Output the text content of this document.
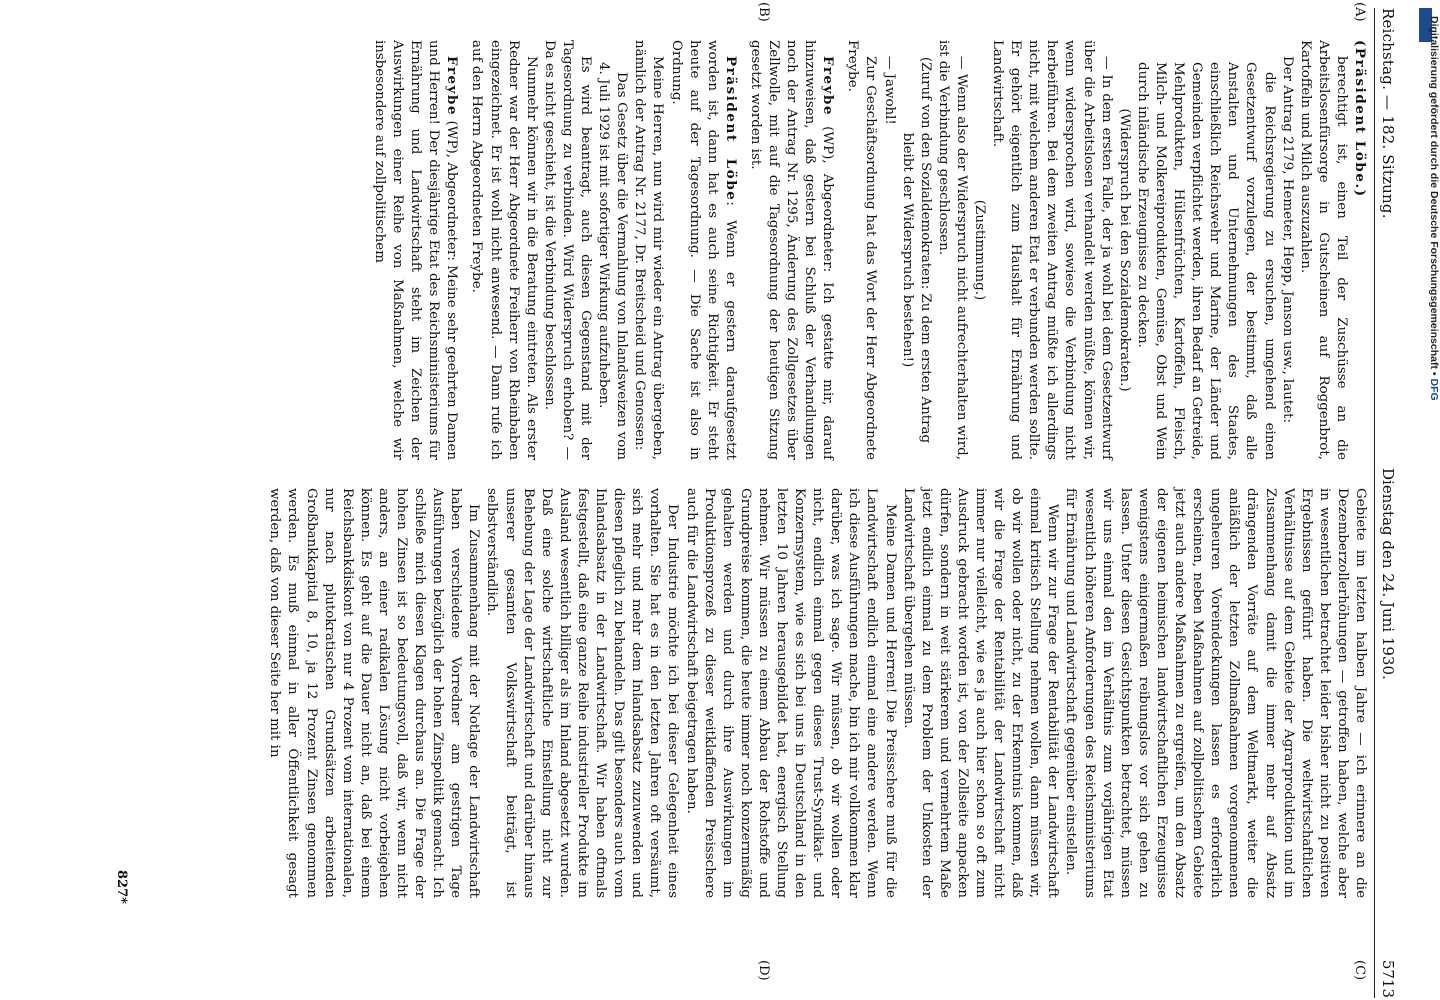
Reichstag. — 182. Sitzung.
Dienstag den 24. Juni 1930.
5713
(A)
(B)
(C)
(D)

(Präsident Löbe.)

berechtigt ist, einen Teil der Zuschüsse an die Arbeitslosenfürsorge in Gutscheinen auf Roggenbrot, Kartoffeln und Milch auszuzahlen.

Der Antrag 2179, Hemeter, Hepp, Janson usw., lautet:

die Reichsregierung zu ersuchen, umgehend einen Gesetzentwurf vorzulegen, der bestimmt, daß alle Anstalten und Unternehmungen des Staates, einschließlich Reichswehr und Marine, der Länder und Gemeinden verpflichtet werden, ihren Bedarf an Getreide, Mehlprodukten, Hülsenfrüchten, Kartoffeln, Fleisch, Milch- und Molkereiprodukten, Gemüse, Obst und Wein durch inländische Erzeugnisse zu decken.

(Widerspruch bei den Sozialdemokraten.)

— In dem ersten Falle, der ja wohl bei dem Gesetzentwurf über die Arbeitslosen verhandelt werden müßte, können wir, wenn widersprochen wird, sowieso die Verbindung nicht herbeiführen. Bei dem zweiten Antrag müßte ich allerdings nicht, mit welchem anderen Etat er verbunden werden sollte. Er gehört eigentlich zum Haushalt für Ernährung und Landwirtschaft.

(Zustimmung.)

— Wenn also der Widerspruch nicht aufrechterhalten wird, ist die Verbindung geschlossen.

(Zuruf von den Sozialdemokraten: Zu dem ersten Antrag bleibt der Widerspruch bestehen!)

— Jawohl!

Zur Geschäftsordnung hat das Wort der Herr Abgeordnete Freybe.

Freybe (WP), Abgeordneter: Ich gestatte mir, darauf hinzuweisen, daß gestern bei Schluß der Verhandlungen noch der Antrag Nr. 1295, Änderung des Zollgesetzes über Zellwolle, mit auf die Tagesordnung der heutigen Sitzung gesetzt worden ist.

Präsident Löbe: Wenn er gestern daraufgesetzt worden ist, dann hat es auch seine Richtigkeit. Er steht heute auf der Tagesordnung. — Die Sache ist also in Ordnung.

Meine Herren, nun wird mir wieder ein Antrag übergeben, nämlich der Antrag Nr. 2177, Dr. Breitscheid und Genossen:

Das Gesetz über die Vermahlung von Inlandsweizen vom 4. Juli 1929 ist mit sofortiger Wirkung aufzuheben.

Es wird beantragt, auch diesen Gegenstand mit der Tagesordnung zu verbinden. Wird Widerspruch erhoben? — Da es nicht geschieht, ist die Verbindung beschlossen.

Nunmehr können wir in die Beratung eintreten. Als erster Redner war der Herr Abgeordnete Freiherr von Rheinbaben eingezeichnet. Er ist wohl nicht anwesend. — Dann rufe ich auf den Herrn Abgeordneten Freybe.

Freybe (WP), Abgeordneter: Meine sehr geehrten Damen und Herren! Der diesjährige Etat des Reichsministeriums für Ernährung und Landwirtschaft steht im Zeichen der Auswirkungen einer Reihe von Maßnahmen, welche wir insbesondere auf zollpolitischem

Gebiete im letzten halben Jahre — ich erinnere an die Dezemberzollerhöhungen — getroffen haben, welche aber in wesentlichen betrachtet leider bisher nicht zu positiven Ergebnissen geführt haben. Die weltwirtschaftlichen Verhältnisse auf dem Gebiete der Agrarproduktion und im Zusammenhang damit die immer mehr auf Absatz drängenden Vorräte auf dem Weltmarkt, weiter die anläßlich der letzten Zollmaßnahmen vorgenommenen ungeheuren Voreindeckungen lassen es erforderlich erscheinen, neben Maßnahmen auf zollpolitischem Gebiete jetzt auch andere Maßnahmen zu ergreifen, um den Absatz der eigenen heimischen landwirtschaftlichen Erzeugnisse wenigstens einigermaßen reibungslos vor sich gehen zu lassen. Unter diesen Gesichtspunkten betrachtet, müssen wir uns einmal den im Verhältnis zum vorjährigen Etat wesentlich höheren Anforderungen des Reichsministeriums für Ernährung und Landwirtschaft gegenüber einstellen.

Wenn wir zur Frage der Rentabilität der Landwirtschaft einmal kritisch Stellung nehmen wollen, dann müssen wir, ob wir wollen oder nicht, zu der Erkenntnis kommen, daß wir die Frage der Rentabilität der Landwirtschaft nicht immer nur vielleicht, wie es ja auch hier schon so oft zum Ausdruck gebracht worden ist, von der Zollseite anpacken dürfen, sondern in weit stärkerem und vermehrtem Maße jetzt endlich einmal zu dem Problem der Unkosten der Landwirtschaft übergehen müssen.

Meine Damen und Herren! Die Preisschere muß für die Landwirtschaft endlich einmal eine andere werden. Wenn ich diese Ausführungen mache, bin ich mir vollkommen klar darüber, was ich sage. Wir müssen, ob wir wollen oder nicht, endlich einmal gegen dieses Trust-Syndikat- und Konzernsystem, wie es sich bei uns in Deutschland in den letzten 10 Jahren herausgebildet hat, energisch Stellung nehmen. Wir müssen zu einem Abbau der Rohstoffe und Grundpreise kommen, die heute immer noch konzernmäßig gehalten werden und durch ihre Auswirkungen im Produktionsprozeß zu dieser weitklaffenden Preisschere auch für die Landwirtschaft beigetragen haben.

Der Industrie möchte ich bei dieser Gelegenheit eines vorhalten. Sie hat es in den letzten Jahren oft versäumt, sich mehr und mehr dem Inlandsabsatz zuzuwenden und diesen pfleglich zu behandeln. Das gilt besonders auch vom Inlandsabsatz in der Landwirtschaft. Wir haben oftmals festgestellt, daß eine ganze Reihe industrieller Produkte im Ausland wesentlich billiger als im Inland abgesetzt wurden. Daß eine solche wirtschaftliche Einstellung nicht zur Behebung der Lage der Landwirtschaft und darüber hinaus unserer gesamten Volkswirtschaft beiträgt, ist selbstverständlich.

Im Zusammenhang mit der Notlage der Landwirtschaft haben verschiedene Vorredner am gestrigen Tage Ausführungen bezüglich der hohen Zinspolitik gemacht. Ich schließe mich diesen Klagen durchaus an. Die Frage der hohen Zinsen ist so bedeutungsvoll, daß wir, wenn nicht anders, an einer radikalen Lösung nicht vorbeigehen können. Es geht auf die Dauer nicht an, daß bei einem Reichsbankdiskont von nur 4 Prozent vom internationalen, nur nach plutokratischen Grundsätzen arbeitenden Großbankkapital 8, 10, ja 12 Prozent Zinsen genommen werden. Es muß einmal in aller Öffentlichkeit gesagt werden, daß von dieser Seite her mit in

827*
Digitalisierung gefördert durch die Deutsche Forschungsgemeinschaft • DFG
